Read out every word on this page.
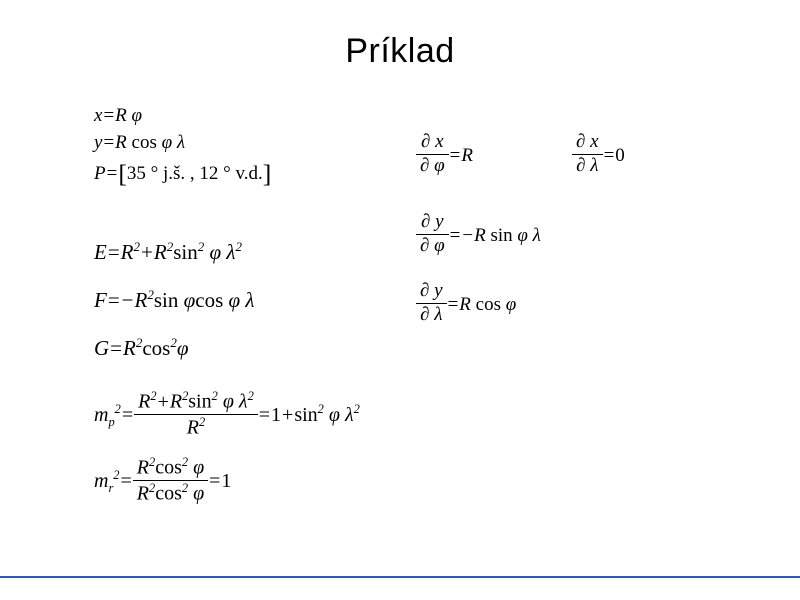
Príklad
x=R φ
y=R cos φ λ
P=[35 ° j.š. , 12 ° v.d.]
$E=R^2+R^2\sin^2$ φ $\lambda^2$
$F=-R^2\sin$ φcos φ λ
$G=R^2\cos^2\varphi$
$m_p^2= \frac{R^2+R^2\sin^2 \varphi \lambda^2}{R^2} =1+\sin^2$ φ $\lambda^2$
$m_r^2= \frac{R^2\cos^2 \varphi}{R^2\cos^2 \varphi} =1$
$\frac{\partial x}{\partial \varphi} =R$	$\frac{\partial x}{\partial \lambda} =0$
$\frac{\partial y}{\partial \varphi} = -R$ sin φ λ
$\frac{\partial y}{\partial \lambda} =R$ cos φ
